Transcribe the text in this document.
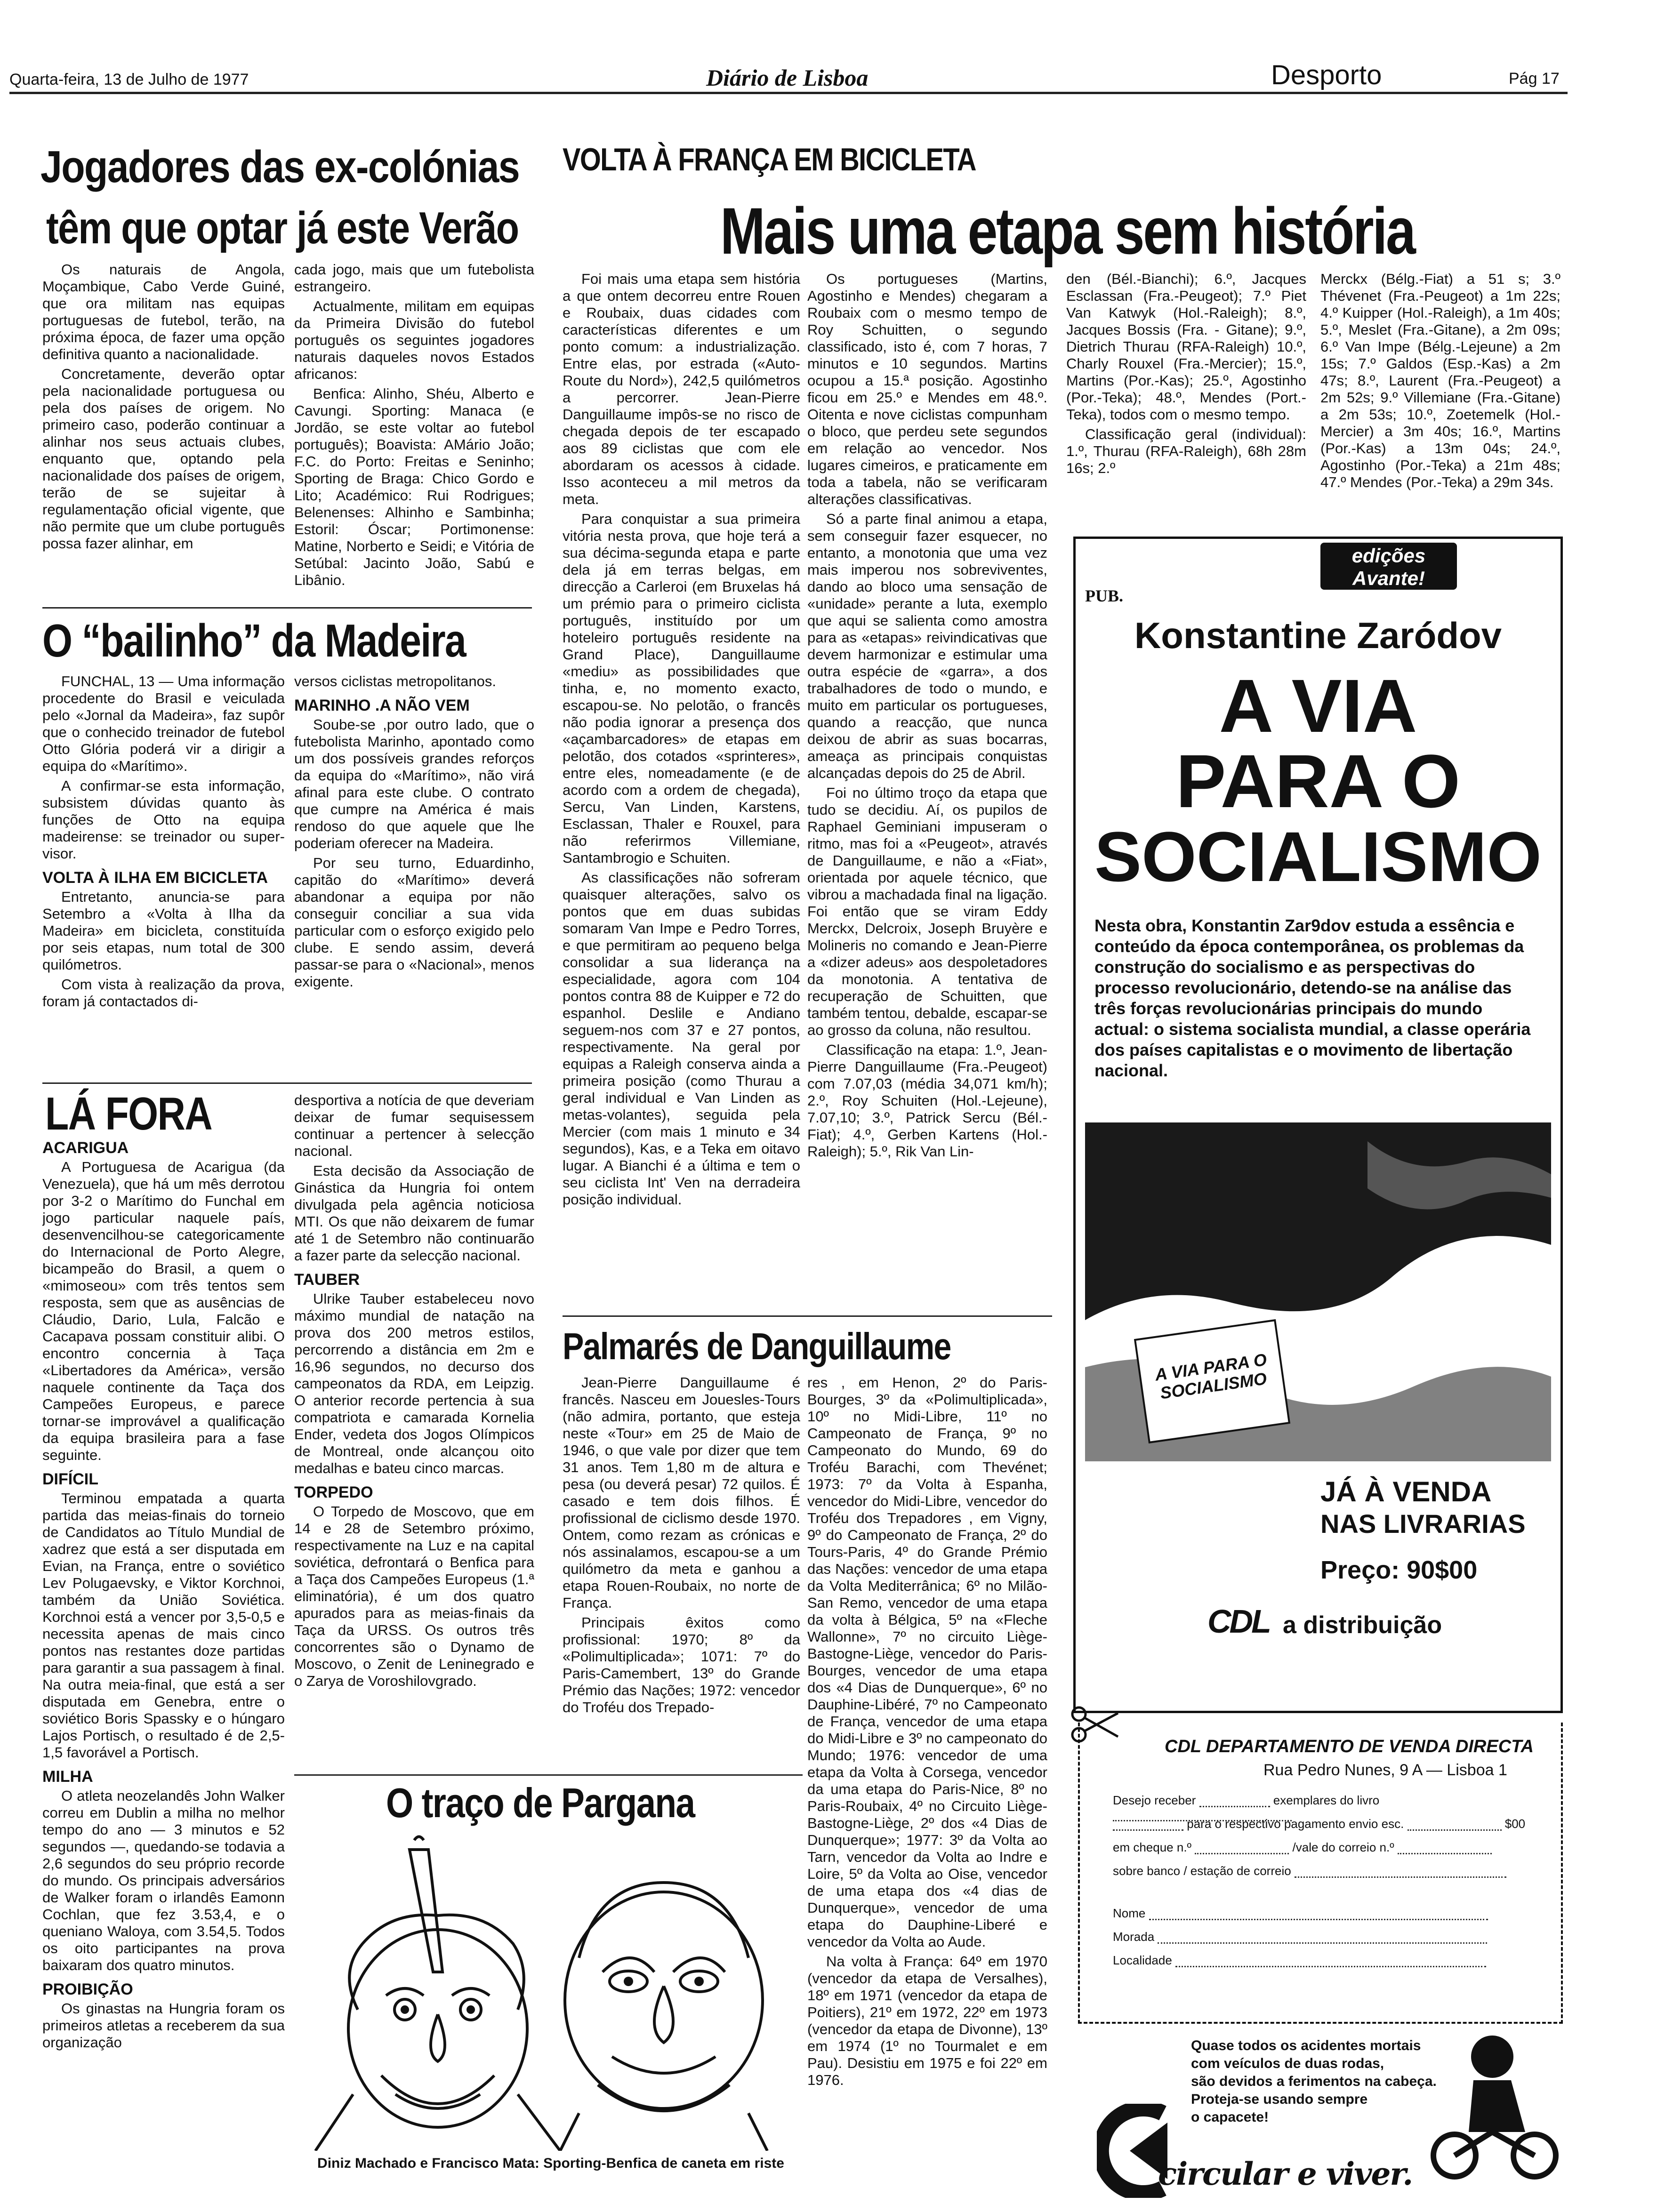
Quarta-feira, 13 de Julho de 1977	Diário de Lisboa	Desporto	Pág 17
Jogadores das ex-colónias
têm que optar já este Verão

Os naturais de Angola, Moçambique, Cabo Verde Guiné, que ora militam nas equipas portuguesas de futebol, terão, na próxima época, de fazer uma opção definitiva quanto a nacionalidade.

Concretamente, deverão optar pela nacionalidade portuguesa ou pela dos países de origem. No primeiro caso, poderão continuar a alinhar nos seus actuais clubes, enquanto que, optando pela nacionalidade dos países de origem, terão de se sujeitar à regulamentação oficial vigente, que não permite que um clube português possa fazer alinhar, em

cada jogo, mais que um futebolista estrangeiro.

Actualmente, militam em equipas da Primeira Divisão do futebol português os seguintes jogadores naturais daqueles novos Estados africanos:

Benfica: Alinho, Shéu, Alberto e Cavungi. Sporting: Manaca (e Jordão, se este voltar ao futebol português); Boavista: AMário João; F.C. do Porto: Freitas e Seninho; Sporting de Braga: Chico Gordo e Lito; Académico: Rui Rodrigues; Belenenses: Alhinho e Sambinha; Estoril: Óscar; Portimonense: Matine, Norberto e Seidi; e Vitória de Setúbal: Jacinto João, Sabú e Libânio.

O “bailinho” da Madeira

FUNCHAL, 13 — Uma informação procedente do Brasil e veiculada pelo «Jornal da Madeira», faz supôr que o conhecido treinador de futebol Otto Glória poderá vir a dirigir a equipa do «Marítimo».

A confirmar-se esta informação, subsistem dúvidas quanto às funções de Otto na equipa madeirense: se treinador ou super-visor.

VOLTA À ILHA EM BICICLETA

Entretanto, anuncia-se para Setembro a «Volta à Ilha da Madeira» em bicicleta, constituída por seis etapas, num total de 300 quilómetros.

Com vista à realização da prova, foram já contactados di-

versos ciclistas metropolitanos.

MARINHO .A NÃO VEM

Soube-se ,por outro lado, que o futebolista Marinho, apontado como um dos possíveis grandes reforços da equipa do «Marítimo», não virá afinal para este clube. O contrato que cumpre na América é mais rendoso do que aquele que lhe poderiam oferecer na Madeira.

Por seu turno, Eduardinho, capitão do «Marítimo» deverá abandonar a equipa por não conseguir conciliar a sua vida particular com o esforço exigido pelo clube. E sendo assim, deverá passar-se para o «Nacional», menos exigente.

LÁ FORA
ACARIGUA

A Portuguesa de Acarigua (da Venezuela), que há um mês derrotou por 3-2 o Marítimo do Funchal em jogo particular naquele país, desenvencilhou-se categoricamente do Internacional de Porto Alegre, bicampeão do Brasil, a quem o «mimoseou» com três tentos sem resposta, sem que as ausências de Cláudio, Dario, Lula, Falcão e Cacapava possam constituir alibi. O encontro concernia à Taça «Libertadores da América», versão naquele continente da Taça dos Campeões Europeus, e parece tornar-se improvável a qualificação da equipa brasileira para a fase seguinte.

DIFÍCIL

Terminou empatada a quarta partida das meias-finais do torneio de Candidatos ao Título Mundial de xadrez que está a ser disputada em Evian, na França, entre o soviético Lev Polugaevsky, e Viktor Korchnoi, também da União Soviética. Korchnoi está a vencer por 3,5-0,5 e necessita apenas de mais cinco pontos nas restantes doze partidas para garantir a sua passagem à final. Na outra meia-final, que está a ser disputada em Genebra, entre o soviético Boris Spassky e o húngaro Lajos Portisch, o resultado é de 2,5-1,5 favorável a Portisch.

MILHA

O atleta neozelandês John Walker correu em Dublin a milha no melhor tempo do ano — 3 minutos e 52 segundos —, quedando-se todavia a 2,6 segundos do seu próprio recorde do mundo. Os principais adversários de Walker foram o irlandês Eamonn Cochlan, que fez 3.53,4, e o queniano Waloya, com 3.54,5. Todos os oito participantes na prova baixaram dos quatro minutos.

PROIBIÇÃO

Os ginastas na Hungria foram os primeiros atletas a receberem da sua organização

desportiva a notícia de que deveriam deixar de fumar sequisessem continuar a pertencer à selecção nacional.

Esta decisão da Associação de Ginástica da Hungria foi ontem divulgada pela agência noticiosa MTI. Os que não deixarem de fumar até 1 de Setembro não continuarão a fazer parte da selecção nacional.

TAUBER

Ulrike Tauber estabeleceu novo máximo mundial de natação na prova dos 200 metros estilos, percorrendo a distância em 2m e 16,96 segundos, no decurso dos campeonatos da RDA, em Leipzig. O anterior recorde pertencia à sua compatriota e camarada Kornelia Ender, vedeta dos Jogos Olímpicos de Montreal, onde alcançou oito medalhas e bateu cinco marcas.

TORPEDO

O Torpedo de Moscovo, que em 14 e 28 de Setembro próximo, respectivamente na Luz e na capital soviética, defrontará o Benfica para a Taça dos Campeões Europeus (1.ª eliminatória), é um dos quatro apurados para as meias-finais da Taça da URSS. Os outros três concorrentes são o Dynamo de Moscovo, o Zenit de Leninegrado e o Zarya de Voroshilovgrado.

O traço de Pargana
Diniz Machado e Francisco Mata: Sporting-Benfica de caneta em riste
VOLTA À FRANÇA EM BICICLETA
Mais uma etapa sem história

Foi mais uma etapa sem história a que ontem decorreu entre Rouen e Roubaix, duas cidades com características diferentes e um ponto comum: a industrialização. Entre elas, por estrada («Auto-Route du Nord»), 242,5 quilómetros a percorrer. Jean-Pierre Danguillaume impôs-se no risco de chegada depois de ter escapado aos 89 ciclistas que com ele abordaram os acessos à cidade. Isso aconteceu a mil metros da meta.

Para conquistar a sua primeira vitória nesta prova, que hoje terá a sua décima-segunda etapa e parte dela já em terras belgas, em direcção a Carleroi (em Bruxelas há um prémio para o primeiro ciclista português, instituído por um hoteleiro português residente na Grand Place), Danguillaume «mediu» as possibilidades que tinha, e, no momento exacto, escapou-se. No pelotão, o francês não podia ignorar a presença dos «açambarcadores» de etapas em pelotão, dos cotados «sprinteres», entre eles, nomeadamente (e de acordo com a ordem de chegada), Sercu, Van Linden, Karstens, Esclassan, Thaler e Rouxel, para não referirmos Villemiane, Santambrogio e Schuiten.

As classificações não sofreram quaisquer alterações, salvo os pontos que em duas subidas somaram Van Impe e Pedro Torres, e que permitiram ao pequeno belga consolidar a sua liderança na especialidade, agora com 104 pontos contra 88 de Kuipper e 72 do espanhol. Deslile e Andiano seguem-nos com 37 e 27 pontos, respectivamente. Na geral por equipas a Raleigh conserva ainda a primeira posição (como Thurau a geral individual e Van Linden as metas-volantes), seguida pela Mercier (com mais 1 minuto e 34 segundos), Kas, e a Teka em oitavo lugar. A Bianchi é a última e tem o seu ciclista Int' Ven na derradeira posição individual.

Os portugueses (Martins, Agostinho e Mendes) chegaram a Roubaix com o mesmo tempo de Roy Schuitten, o segundo classificado, isto é, com 7 horas, 7 minutos e 10 segundos. Martins ocupou a 15.ª posição. Agostinho ficou em 25.º e Mendes em 48.º. Oitenta e nove ciclistas compunham o bloco, que perdeu sete segundos em relação ao vencedor. Nos lugares cimeiros, e praticamente em toda a tabela, não se verificaram alterações classificativas.

Só a parte final animou a etapa, sem conseguir fazer esquecer, no entanto, a monotonia que uma vez mais imperou nos sobreviventes, dando ao bloco uma sensação de «unidade» perante a luta, exemplo que aqui se salienta como amostra para as «etapas» reivindicativas que devem harmonizar e estimular uma outra espécie de «garra», a dos trabalhadores de todo o mundo, e muito em particular os portugueses, quando a reacção, que nunca deixou de abrir as suas bocarras, ameaça as principais conquistas alcançadas depois do 25 de Abril.

Foi no último troço da etapa que tudo se decidiu. Aí, os pupilos de Raphael Geminiani impuseram o ritmo, mas foi a «Peugeot», através de Danguillaume, e não a «Fiat», orientada por aquele técnico, que vibrou a machadada final na ligação. Foi então que se viram Eddy Merckx, Delcroix, Joseph Bruyère e Molineris no comando e Jean-Pierre a «dizer adeus» aos despoletadores da monotonia. A tentativa de recuperação de Schuitten, que também tentou, debalde, escapar-se ao grosso da coluna, não resultou.

Classificação na etapa: 1.º, Jean-Pierre Danguillaume (Fra.-Peugeot) com 7.07,03 (média 34,071 km/h); 2.º, Roy Schuiten (Hol.-Lejeune), 7.07,10; 3.º, Patrick Sercu (Bél.-Fiat); 4.º, Gerben Kartens (Hol.-Raleigh); 5.º, Rik Van Lin-

den (Bél.-Bianchi); 6.º, Jacques Esclassan (Fra.-Peugeot); 7.º Piet Van Katwyk (Hol.-Raleigh); 8.º, Jacques Bossis (Fra. - Gitane); 9.º, Dietrich Thurau (RFA-Raleigh) 10.º, Charly Rouxel (Fra.-Mercier); 15.º, Martins (Por.-Kas); 25.º, Agostinho (Por.-Teka); 48.º, Mendes (Port.-Teka), todos com o mesmo tempo.

Classificação geral (individual): 1.º, Thurau (RFA-Raleigh), 68h 28m 16s; 2.º

Merckx (Bélg.-Fiat) a 51 s; 3.º Thévenet (Fra.-Peugeot) a 1m 22s; 4.º Kuipper (Hol.-Raleigh), a 1m 40s; 5.º, Meslet (Fra.-Gitane), a 2m 09s; 6.º Van Impe (Bélg.-Lejeune) a 2m 15s; 7.º Galdos (Esp.-Kas) a 2m 47s; 8.º, Laurent (Fra.-Peugeot) a 2m 52s; 9.º Villemiane (Fra.-Gitane) a 2m 53s; 10.º, Zoetemelk (Hol.-Mercier) a 3m 40s; 16.º, Martins (Por.-Kas) a 13m 04s; 24.º, Agostinho (Por.-Teka) a 21m 48s; 47.º Mendes (Por.-Teka) a 29m 34s.

Palmarés de Danguillaume

Jean-Pierre Danguillaume é francês. Nasceu em Jouesles-Tours (não admira, portanto, que esteja neste «Tour» em 25 de Maio de 1946, o que vale por dizer que tem 31 anos. Tem 1,80 m de altura e pesa (ou deverá pesar) 72 quilos. É casado e tem dois filhos. É profissional de ciclismo desde 1970. Ontem, como rezam as crónicas e nós assinalamos, escapou-se a um quilómetro da meta e ganhou a etapa Rouen-Roubaix, no norte de França.

Principais êxitos como profissional: 1970; 8º da «Polimultiplicada»; 1071: 7º do Paris-Camembert, 13º do Grande Prémio das Nações; 1972: vencedor do Troféu dos Trepado-

res , em Henon, 2º do Paris-Bourges, 3º da «Polimultiplicada», 10º no Midi-Libre, 11º no Campeonato de França, 9º no Campeonato do Mundo, 69 do Troféu Barachi, com Thevénet; 1973: 7º da Volta à Espanha, vencedor do Midi-Libre, vencedor do Troféu dos Trepadores , em Vigny, 9º do Campeonato de França, 2º do Tours-Paris, 4º do Grande Prémio das Nações: vencedor de uma etapa da Volta Mediterrânica; 6º no Milão-San Remo, vencedor de uma etapa da volta à Bélgica, 5º na «Fleche Wallonne», 7º no circuito Liège-Bastogne-Liège, vencedor do Paris-Bourges, vencedor de uma etapa dos «4 Dias de Dunquerque», 6º no Dauphine-Libéré, 7º no Campeonato de França, vencedor de uma etapa do Midi-Libre e 3º no campeonato do Mundo; 1976: vencedor de uma etapa da Volta à Corsega, vencedor da uma etapa do Paris-Nice, 8º no Paris-Roubaix, 4º no Circuito Liège-Bastogne-Liège, 2º dos «4 Dias de Dunquerque»; 1977: 3º da Volta ao Tarn, vencedor da Volta ao Indre e Loire, 5º da Volta ao Oise, vencedor de uma etapa dos «4 dias de Dunquerque», vencedor de uma etapa do Dauphine-Liberé e vencedor da Volta ao Aude.

Na volta à França: 64º em 1970 (vencedor da etapa de Versalhes), 18º em 1971 (vencedor da etapa de Poitiers), 21º em 1972, 22º em 1973 (vencedor da etapa de Divonne), 13º em 1974 (1º no Tourmalet e em Pau). Desistiu em 1975 e foi 22º em 1976.

edições Avante!
PUB.
Konstantine Zaródov
A VIA
PARA O
SOCIALISMO
Nesta obra, Konstantin Zar9dov estuda a essência e conteúdo da época contemporânea, os problemas da construção do socialismo e as perspectivas do processo revolucionário, detendo-se na análise das três forças revolucionárias principais do mundo actual: o sistema socialista mundial, a classe operária dos países capitalistas e o movimento de libertação nacional.
A VIA PARA O SOCIALISMO
JÁ À VENDA
NAS LIVRARIAS
Preço: 90$00
CDL a distribuição
CDL DEPARTAMENTO DE VENDA DIRECTA
Rua Pedro Nunes, 9 A — Lisboa 1
Desejo receber	exemplares do livro
para o respectivo pagamento envio esc.	$00
em cheque n.º	/vale do correio n.º
sobre banco / estação de correio
Nome
Morada
Localidade
Quase todos os acidentes mortais
com veículos de duas rodas,
são devidos a ferimentos na cabeça.
Proteja-se usando sempre
o capacete!
circular e viver.
